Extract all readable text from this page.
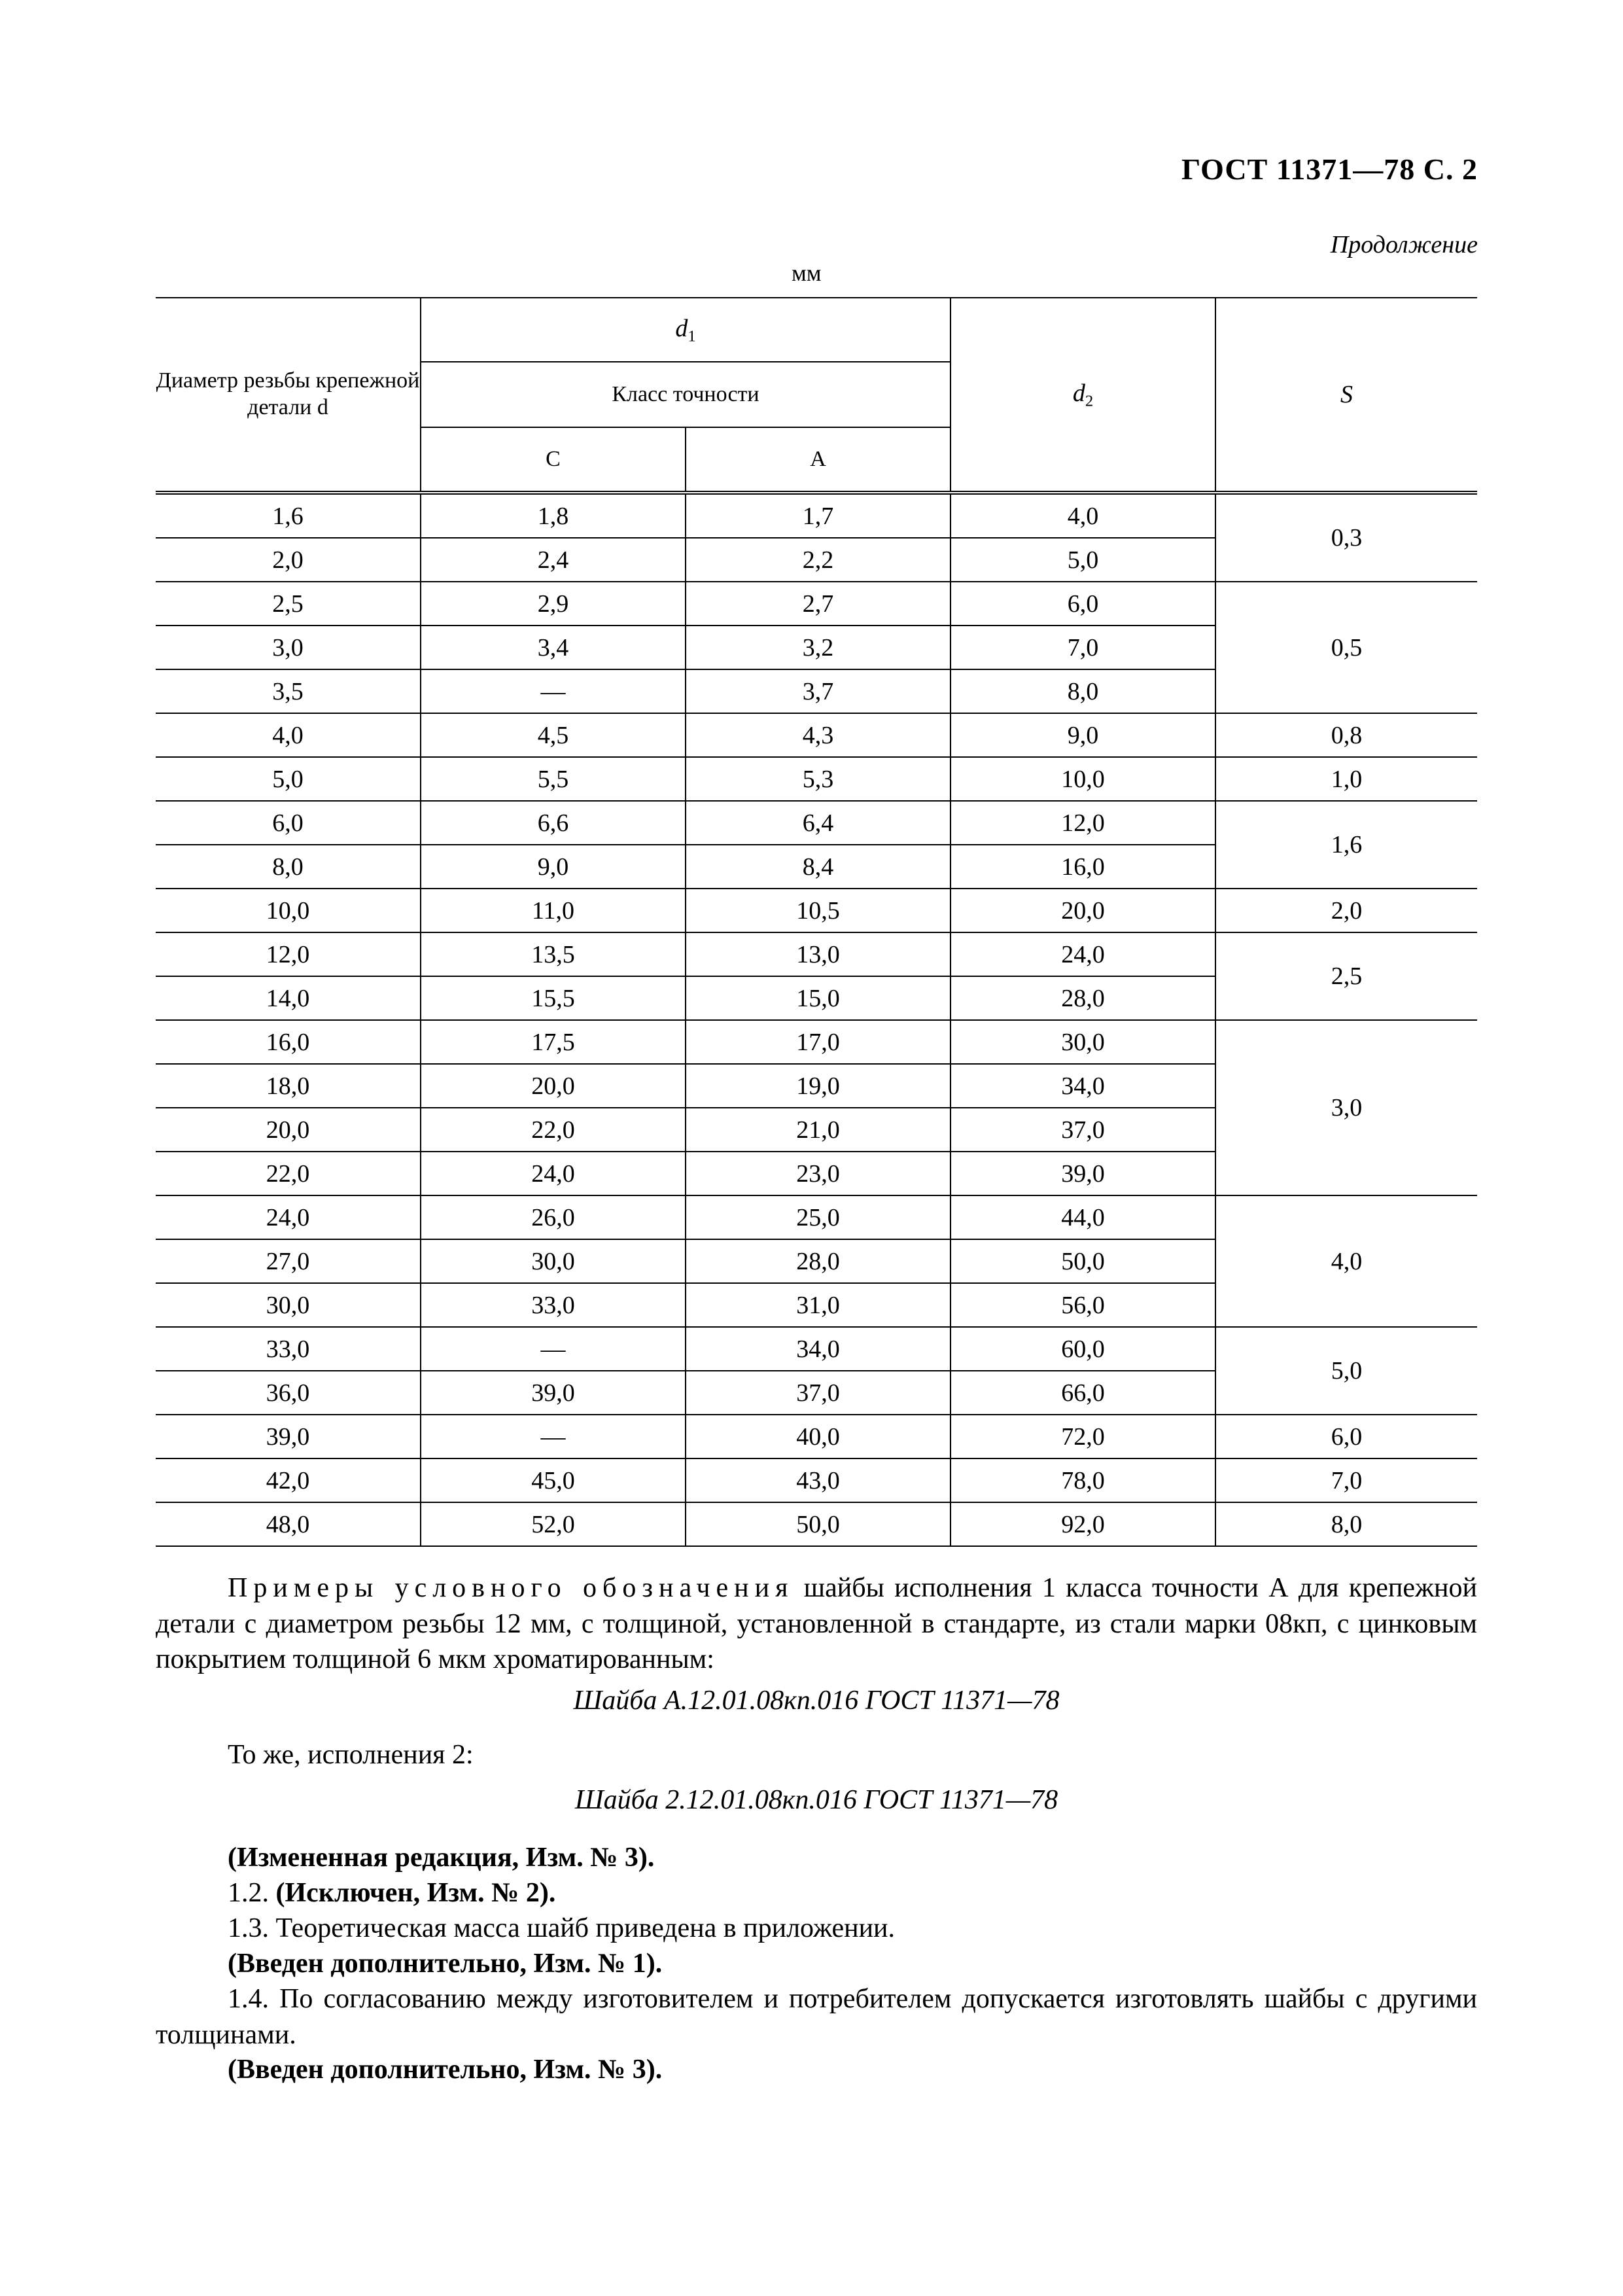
ГОСТ 11371—78 С. 2
Продолжение
мм
Диаметр резьбы крепежной детали d	$d_1$		$d_2$	S
	Класс точности			
	C	A		
1,6	1,8	1,7	4,0	0,3
2,0	2,4	2,2	5,0	
2,5	2,9	2,7	6,0	0,5
3,0	3,4	3,2	7,0	
3,5	—	3,7	8,0	
4,0	4,5	4,3	9,0	0,8
5,0	5,5	5,3	10,0	1,0
6,0	6,6	6,4	12,0	1,6
8,0	9,0	8,4	16,0	
10,0	11,0	10,5	20,0	2,0
12,0	13,5	13,0	24,0	2,5
14,0	15,5	15,0	28,0	
16,0	17,5	17,0	30,0	3,0
18,0	20,0	19,0	34,0	
20,0	22,0	21,0	37,0	
22,0	24,0	23,0	39,0	
24,0	26,0	25,0	44,0	4,0
27,0	30,0	28,0	50,0	
30,0	33,0	31,0	56,0	
33,0	—	34,0	60,0	5,0
36,0	39,0	37,0	66,0	
39,0	—	40,0	72,0	6,0
42,0	45,0	43,0	78,0	7,0
48,0	52,0	50,0	92,0	8,0
Примеры условного обозначения шайбы исполнения 1 класса точности А для крепежной детали с диаметром резьбы 12 мм, с толщиной, установленной в стандарте, из стали марки 08кп, с цинковым покрытием толщиной 6 мкм хроматированным:
Шайба А.12.01.08кп.016 ГОСТ 11371—78
То же, исполнения 2:
Шайба 2.12.01.08кп.016 ГОСТ 11371—78
(Измененная редакция, Изм. № 3).
1.2. (Исключен, Изм. № 2).
1.3. Теоретическая масса шайб приведена в приложении.
(Введен дополнительно, Изм. № 1).
1.4. По согласованию между изготовителем и потребителем допускается изготовлять шайбы с другими толщинами.
(Введен дополнительно, Изм. № 3).
